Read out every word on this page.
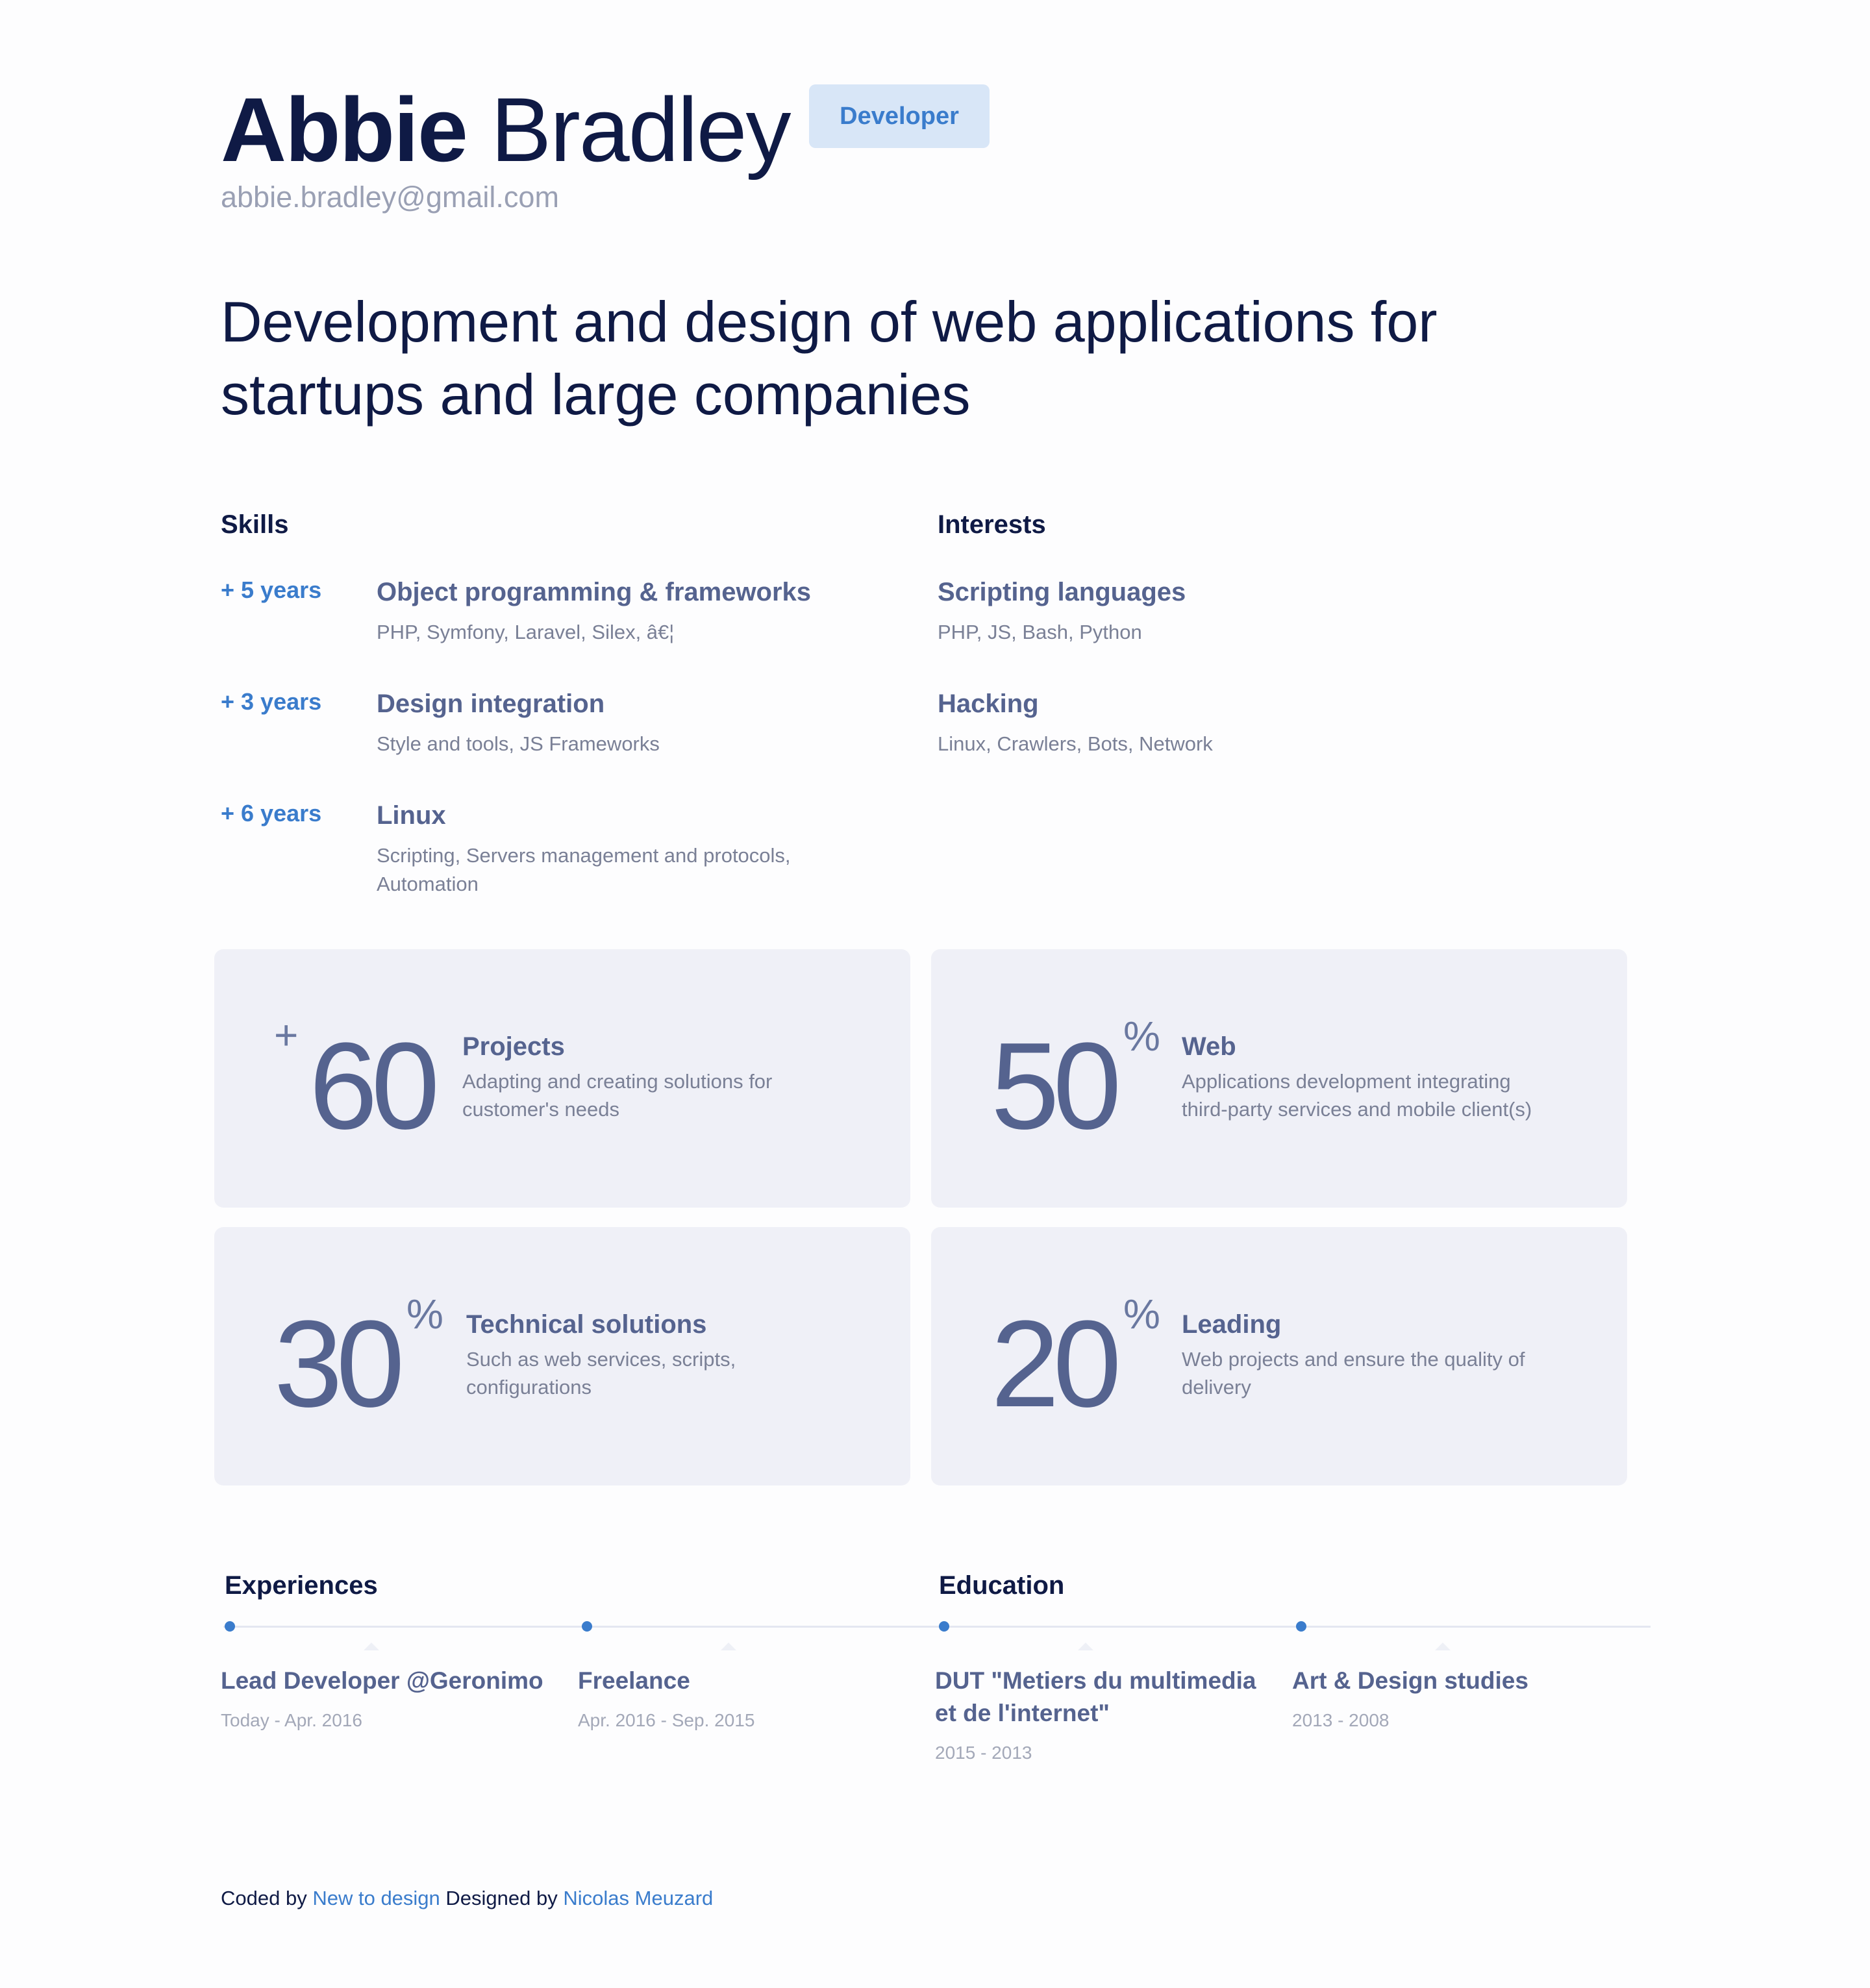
Abbie Bradley	Developer
abbie.bradley@gmail.com
Development and design of web applications for startups and large companies
Skills
+ 5 years Object programming & frameworks
PHP, Symfony, Laravel, Silex, â€¦
+ 3 years Design integration
Style and tools, JS Frameworks
+ 6 years Linux
Scripting, Servers management and protocols, Automation
Interests
Scripting languages
PHP, JS, Bash, Python
Hacking
Linux, Crawlers, Bots, Network
+ 60 Projects
Adapting and creating solutions for customer's needs	50 % Web
Applications development integrating third-party services and mobile client(s)
30 % Technical solutions
Such as web services, scripts, configurations	20 % Leading
Web projects and ensure the quality of delivery
Experiences	Education
Lead Developer @Geronimo
Today - Apr. 2016
Freelance
Apr. 2016 - Sep. 2015
DUT "Metiers du multimedia et de l'internet"
2015 - 2013
Art & Design studies
2013 - 2008
Coded by New to design Designed by Nicolas Meuzard
